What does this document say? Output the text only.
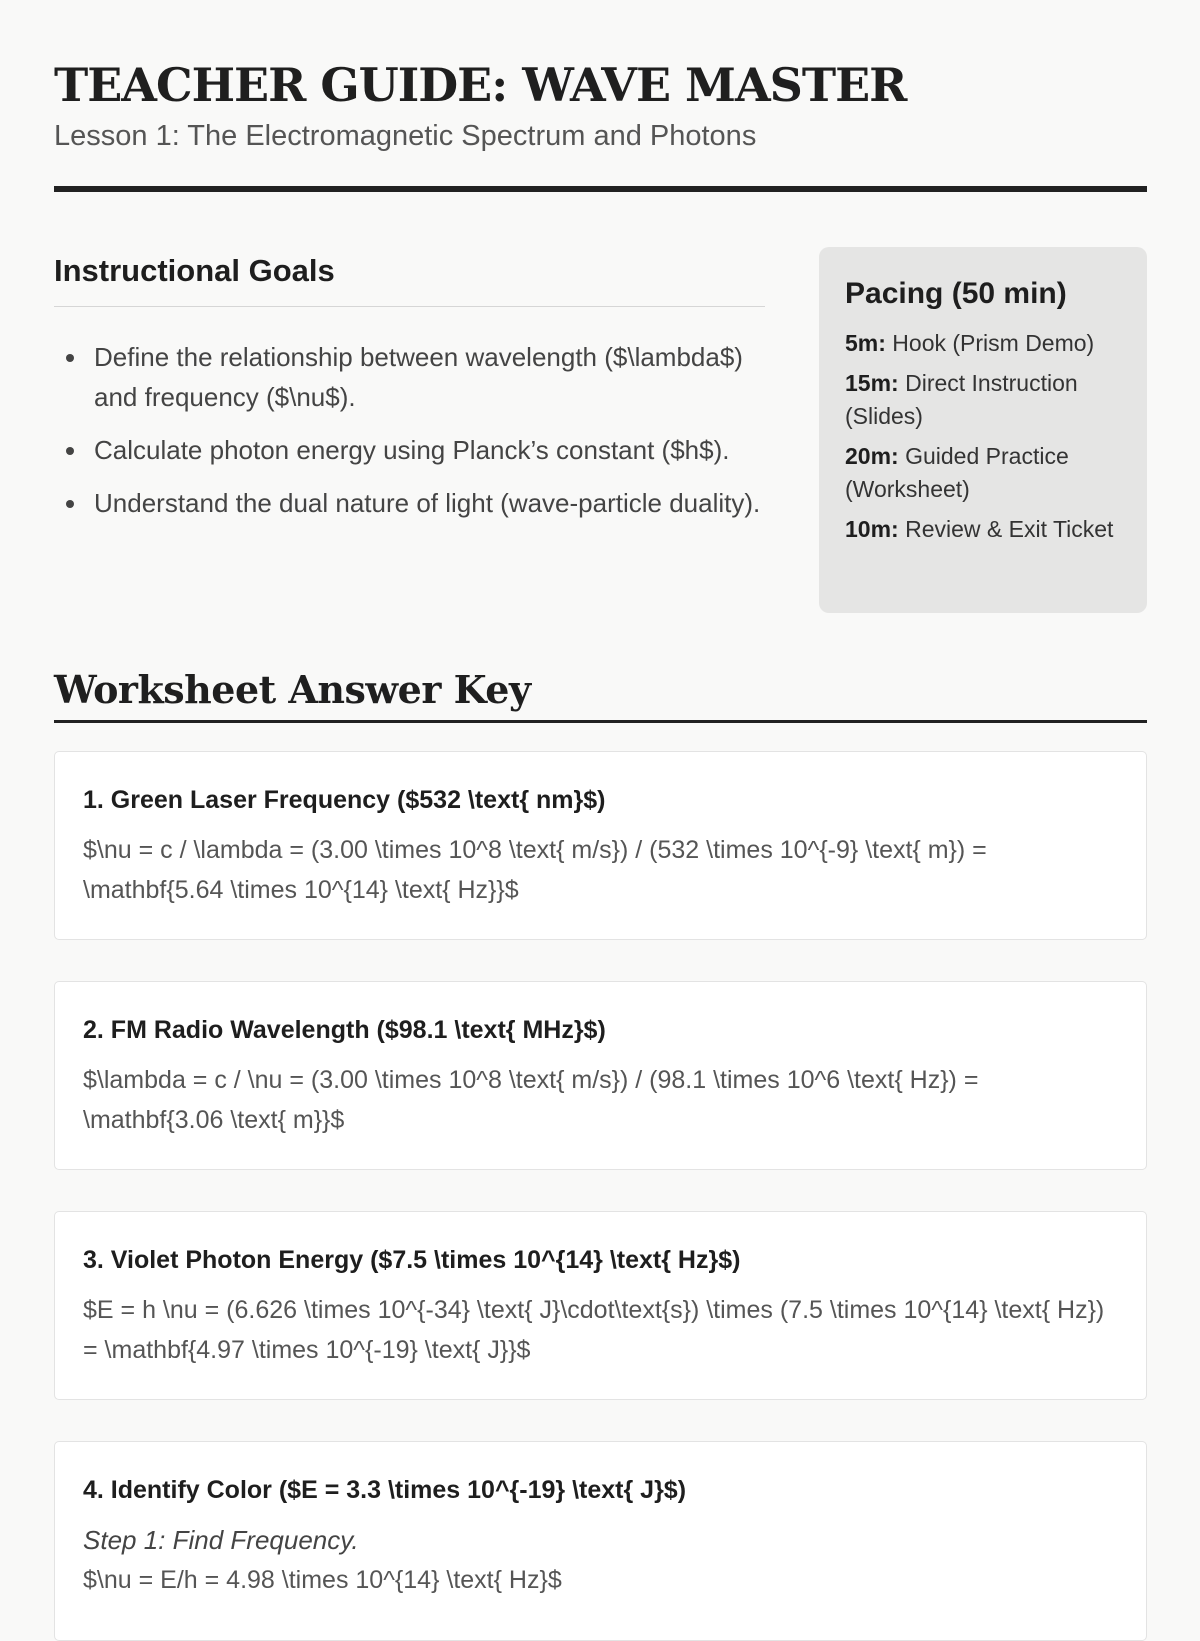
TEACHER GUIDE: WAVE MASTER
Lesson 1: The Electromagnetic Spectrum and Photons
Instructional Goals
Define the relationship between wavelength ($\lambda$) and frequency ($\nu$).
Calculate photon energy using Planck’s constant ($h$).
Understand the dual nature of light (wave-particle duality).
Pacing (50 min)
5m: Hook (Prism Demo)
15m: Direct Instruction (Slides)
20m: Guided Practice (Worksheet)
10m: Review & Exit Ticket
Worksheet Answer Key
1. Green Laser Frequency ($532 \text{ nm}$)
$\nu = c / \lambda = (3.00 \times 10^8 \text{ m/s}) / (532 \times 10^{-9} \text{ m}) = \mathbf{5.64 \times 10^{14} \text{ Hz}}$
2. FM Radio Wavelength ($98.1 \text{ MHz}$)
$\lambda = c / \nu = (3.00 \times 10^8 \text{ m/s}) / (98.1 \times 10^6 \text{ Hz}) = \mathbf{3.06 \text{ m}}$
3. Violet Photon Energy ($7.5 \times 10^{14} \text{ Hz}$)
$E = h \nu = (6.626 \times 10^{-34} \text{ J}\cdot\text{s}) \times (7.5 \times 10^{14} \text{ Hz}) = \mathbf{4.97 \times 10^{-19} \text{ J}}$
4. Identify Color ($E = 3.3 \times 10^{-19} \text{ J}$)
Step 1: Find Frequency.
$\nu = E/h = 4.98 \times 10^{14} \text{ Hz}$
